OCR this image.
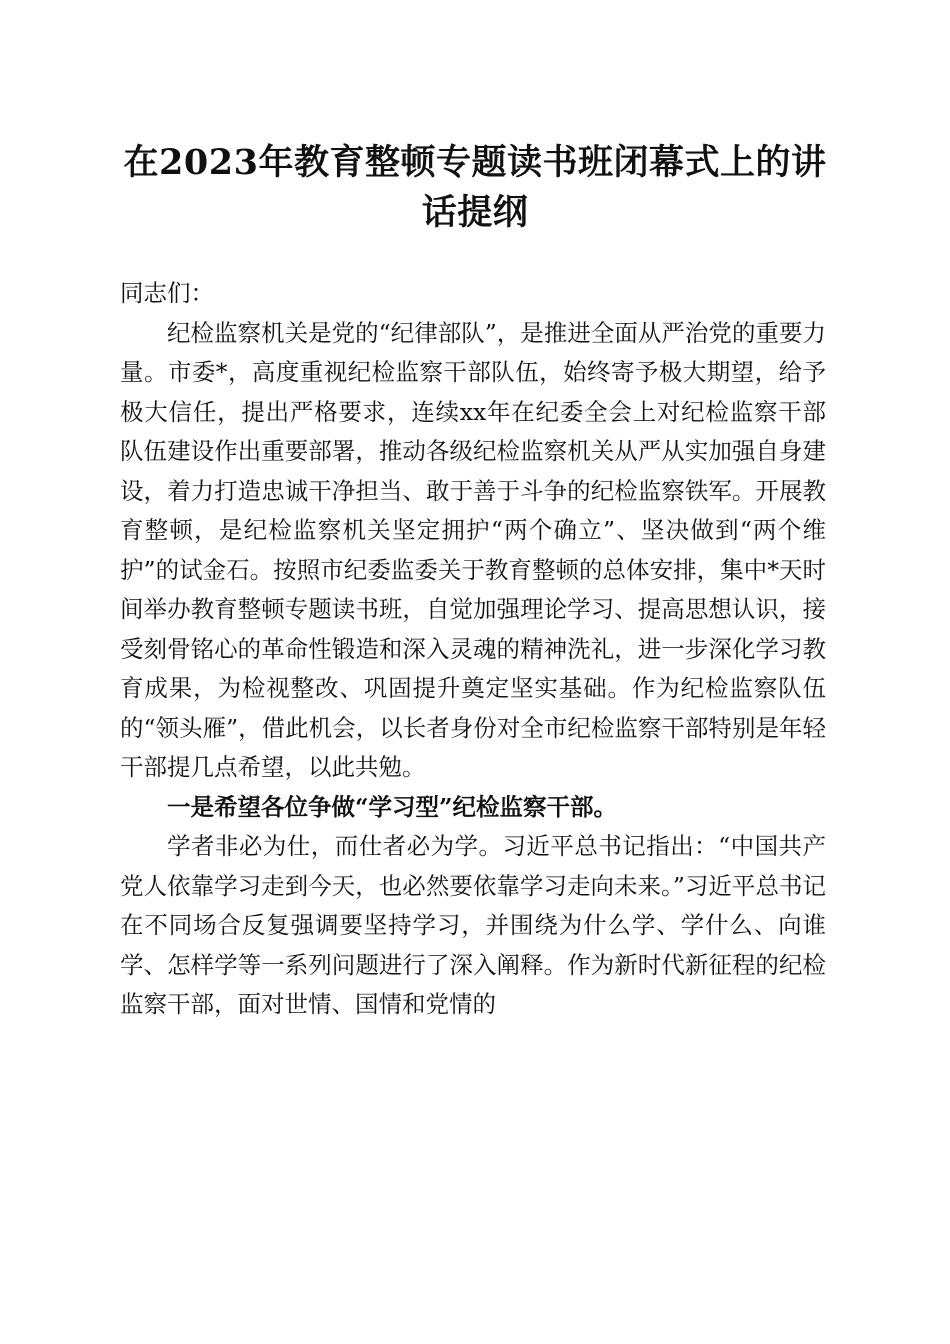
在2023年教育整顿专题读书班闭幕式上的讲话提纲

同志们：

纪检监察机关是党的“纪律部队”，是推进全面从严治党的重要力量。市委*，高度重视纪检监察干部队伍，始终寄予极大期望，给予极大信任，提出严格要求，连续xx年在纪委全会上对纪检监察干部队伍建设作出重要部署，推动各级纪检监察机关从严从实加强自身建设，着力打造忠诚干净担当、敢于善于斗争的纪检监察铁军。开展教育整顿，是纪检监察机关坚定拥护“两个确立”、坚决做到“两个维护”的试金石。按照市纪委监委关于教育整顿的总体安排，集中*天时间举办教育整顿专题读书班，自觉加强理论学习、提高思想认识，接受刻骨铭心的革命性锻造和深入灵魂的精神洗礼，进一步深化学习教育成果，为检视整改、巩固提升奠定坚实基础。作为纪检监察队伍的“领头雁”，借此机会，以长者身份对全市纪检监察干部特别是年轻干部提几点希望，以此共勉。

一是希望各位争做“学习型”纪检监察干部。

学者非必为仕，而仕者必为学。习近平总书记指出：“中国共产党人依靠学习走到今天，也必然要依靠学习走向未来。”习近平总书记在不同场合反复强调要坚持学习，并围绕为什么学、学什么、向谁学、怎样学等一系列问题进行了深入阐释。作为新时代新征程的纪检监察干部，面对世情、国情和党情的
